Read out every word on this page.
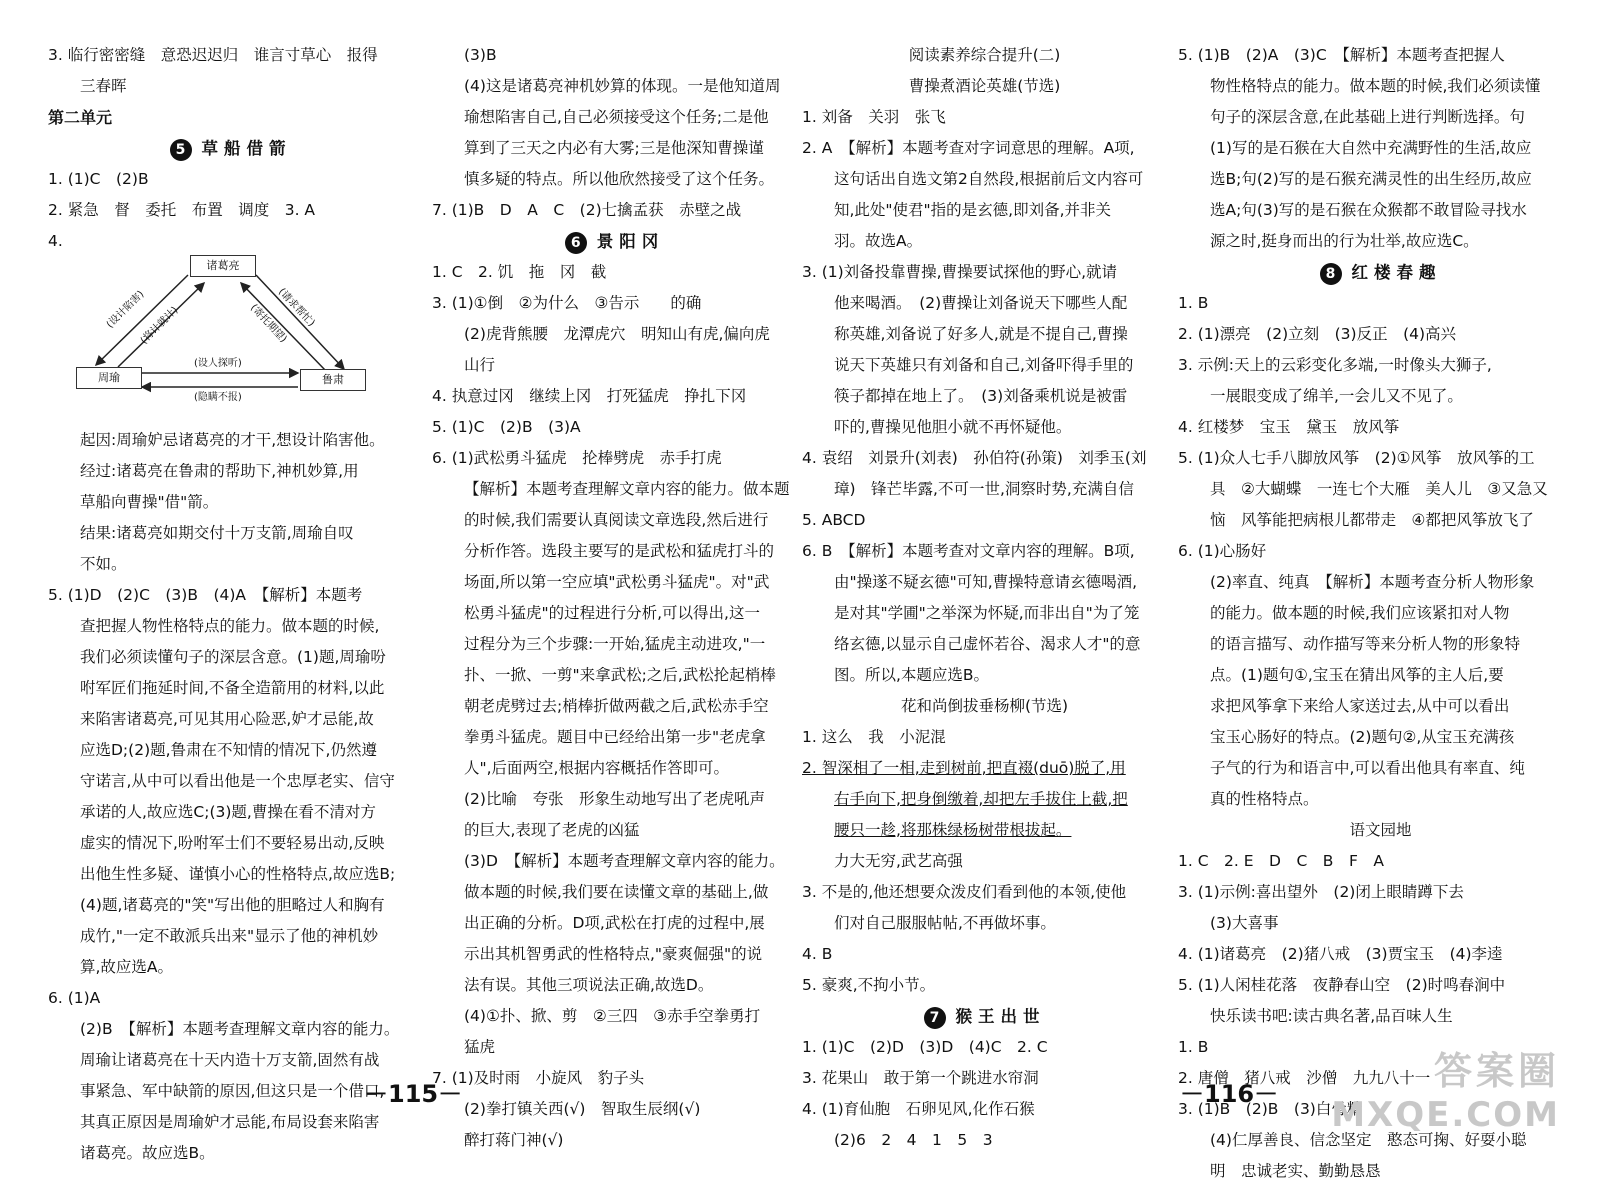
3. 临行密密缝　意恐迟迟归　谁言寸草心　报得

三春晖

第二单元

5 草船借箭

1. (1)C　(2)B

2. 紧急　督　委托　布置　调度　3. A

4.

诸葛亮
周瑜	鲁肃
(设计陷害)
(将计就计)	(请求帮忙)
(寄托期望)
(设人探听)
(隐瞒不报)

起因:周瑜妒忌诸葛亮的才干,想设计陷害他。

经过:诸葛亮在鲁肃的帮助下,神机妙算,用

草船向曹操"借"箭。

结果:诸葛亮如期交付十万支箭,周瑜自叹

不如。

5. (1)D　(2)C　(3)B　(4)A　【解析】本题考

查把握人物性格特点的能力。做本题的时候,

我们必须读懂句子的深层含意。(1)题,周瑜吩

咐军匠们拖延时间,不备全造箭用的材料,以此

来陷害诸葛亮,可见其用心险恶,妒才忌能,故

应选D;(2)题,鲁肃在不知情的情况下,仍然遵

守诺言,从中可以看出他是一个忠厚老实、信守

承诺的人,故应选C;(3)题,曹操在看不清对方

虚实的情况下,吩咐军士们不要轻易出动,反映

出他生性多疑、谨慎小心的性格特点,故应选B;

(4)题,诸葛亮的"笑"写出他的胆略过人和胸有

成竹,"一定不敢派兵出来"显示了他的神机妙

算,故应选A。

6. (1)A

(2)B　【解析】本题考查理解文章内容的能力。

周瑜让诸葛亮在十天内造十万支箭,固然有战

事紧急、军中缺箭的原因,但这只是一个借口,

其真正原因是周瑜妒才忌能,布局设套来陷害

诸葛亮。故应选B。

(3)B

(4)这是诸葛亮神机妙算的体现。一是他知道周

瑜想陷害自己,自己必须接受这个任务;二是他

算到了三天之内必有大雾;三是他深知曹操谨

慎多疑的特点。所以他欣然接受了这个任务。

7. (1)B　D　A　C　(2)七擒孟获　赤壁之战

6 景阳冈

1. C　2. 饥　拖　冈　截

3. (1)①倒　②为什么　③告示　　的确

(2)虎背熊腰　龙潭虎穴　明知山有虎,偏向虎

山行

4. 执意过冈　继续上冈　打死猛虎　挣扎下冈

5. (1)C　(2)B　(3)A

6. (1)武松勇斗猛虎　抡棒劈虎　赤手打虎

【解析】本题考查理解文章内容的能力。做本题

的时候,我们需要认真阅读文章选段,然后进行

分析作答。选段主要写的是武松和猛虎打斗的

场面,所以第一空应填"武松勇斗猛虎"。对"武

松勇斗猛虎"的过程进行分析,可以得出,这一

过程分为三个步骤:一开始,猛虎主动进攻,"一

扑、一掀、一剪"来拿武松;之后,武松抡起梢棒

朝老虎劈过去;梢棒折做两截之后,武松赤手空

拳勇斗猛虎。题目中已经给出第一步"老虎拿

人",后面两空,根据内容概括作答即可。

(2)比喻　夸张　形象生动地写出了老虎吼声

的巨大,表现了老虎的凶猛

(3)D　【解析】本题考查理解文章内容的能力。

做本题的时候,我们要在读懂文章的基础上,做

出正确的分析。D项,武松在打虎的过程中,展

示出其机智勇武的性格特点,"豪爽倔强"的说

法有误。其他三项说法正确,故选D。

(4)①扑、掀、剪　②三四　③赤手空拳勇打

猛虎

7. (1)及时雨　小旋风　豹子头

(2)拳打镇关西(√)　智取生辰纲(√)

醉打蒋门神(√)

阅读素养综合提升(二)

曹操煮酒论英雄(节选)

1. 刘备　关羽　张飞

2. A　【解析】本题考查对字词意思的理解。A项,

这句话出自选文第2自然段,根据前后文内容可

知,此处"使君"指的是玄德,即刘备,并非关

羽。故选A。

3. (1)刘备投靠曹操,曹操要试探他的野心,就请

他来喝酒。　(2)曹操让刘备说天下哪些人配

称英雄,刘备说了好多人,就是不提自己,曹操

说天下英雄只有刘备和自己,刘备吓得手里的

筷子都掉在地上了。　(3)刘备乘机说是被雷

吓的,曹操见他胆小就不再怀疑他。

4. 袁绍　刘景升(刘表)　孙伯符(孙策)　刘季玉(刘

璋)　锋芒毕露,不可一世,洞察时势,充满自信

5. ABCD

6. B　【解析】本题考查对文章内容的理解。B项,

由"操遂不疑玄德"可知,曹操特意请玄德喝酒,

是对其"学圃"之举深为怀疑,而非出自"为了笼

络玄德,以显示自己虚怀若谷、渴求人才"的意

图。所以,本题应选B。

花和尚倒拔垂杨柳(节选)

1. 这么　我　小泥混

2. 智深相了一相,走到树前,把直裰(duō)脱了,用

右手向下,把身倒缴着,却把左手拔住上截,把

腰只一趁,将那株绿杨树带根拔起。

力大无穷,武艺高强

3. 不是的,他还想要众泼皮们看到他的本领,使他

们对自己服服帖帖,不再做坏事。

4. B

5. 豪爽,不拘小节。

7 猴王出世

1. (1)C　(2)D　(3)D　(4)C　2. C

3. 花果山　敢于第一个跳进水帘洞

4. (1)育仙胞　石卵见风,化作石猴

(2)6　2　4　1　5　3

5. (1)B　(2)A　(3)C　【解析】本题考查把握人

物性格特点的能力。做本题的时候,我们必须读懂

句子的深层含意,在此基础上进行判断选择。句

(1)写的是石猴在大自然中充满野性的生活,故应

选B;句(2)写的是石猴充满灵性的出生经历,故应

选A;句(3)写的是石猴在众猴都不敢冒险寻找水

源之时,挺身而出的行为壮举,故应选C。

8 红楼春趣

1. B

2. (1)漂亮　(2)立刻　(3)反正　(4)高兴

3. 示例:天上的云彩变化多端,一时像头大狮子,

一展眼变成了绵羊,一会儿又不见了。

4. 红楼梦　宝玉　黛玉　放风筝

5. (1)众人七手八脚放风筝　(2)①风筝　放风筝的工

具　②大蝴蝶　一连七个大雁　美人儿　③又急又

恼　风筝能把病根儿都带走　④都把风筝放飞了

6. (1)心肠好

(2)率直、纯真　【解析】本题考查分析人物形象

的能力。做本题的时候,我们应该紧扣对人物

的语言描写、动作描写等来分析人物的形象特

点。(1)题句①,宝玉在猜出风筝的主人后,要

求把风筝拿下来给人家送过去,从中可以看出

宝玉心肠好的特点。(2)题句②,从宝玉充满孩

子气的行为和语言中,可以看出他具有率直、纯

真的性格特点。

语文园地

1. C　2. E　D　C　B　F　A

3. (1)示例:喜出望外　(2)闭上眼睛蹲下去

(3)大喜事

4. (1)诸葛亮　(2)猪八戒　(3)贾宝玉　(4)李逵

5. (1)人闲桂花落　夜静春山空　(2)时鸣春涧中

快乐读书吧:读古典名著,品百味人生

1. B

2. 唐僧　猪八戒　沙僧　九九八十一

3. (1)B　(2)B　(3)白骨精

(4)仁厚善良、信念坚定　憨态可掬、好耍小聪

明　忠诚老实、勤勤恳恳

－115－	－116－
答案圈
MXQE.COM
